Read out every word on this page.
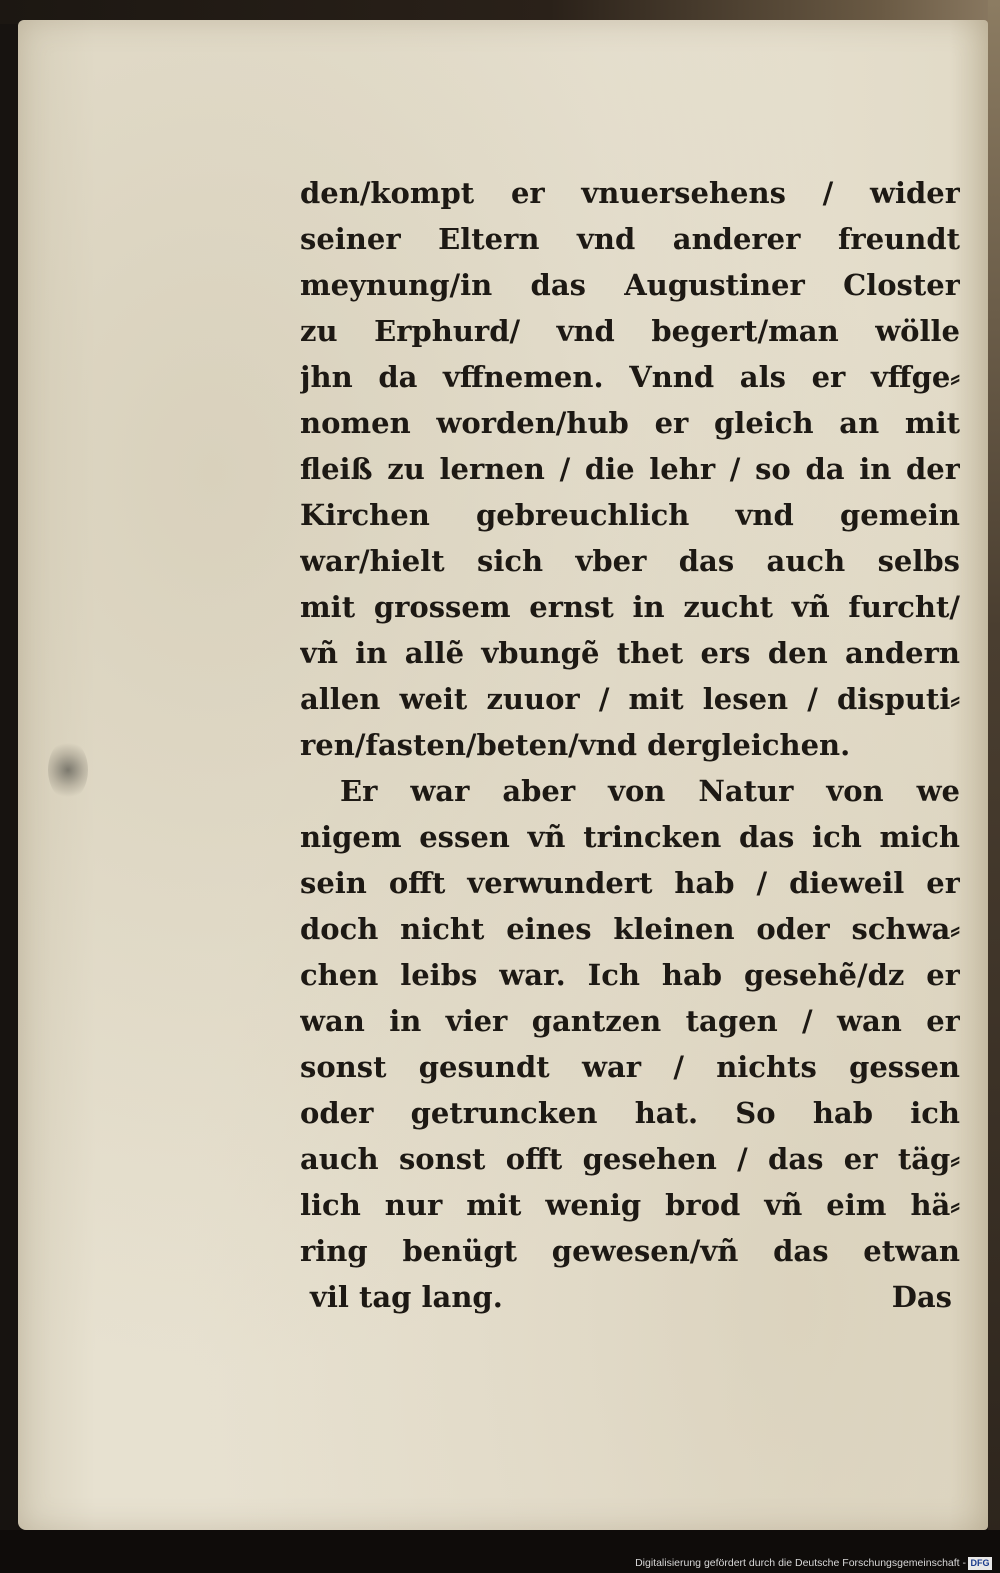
den/kompt er vnuersehens / wider
seiner Eltern vnd anderer freundt
meynung/in das Augustiner Closter
zu Erphurd/ vnd begert/man wölle
jhn da vffnemen. Vnnd als er vffge⸗
nomen worden/hub er gleich an mit
fleiß zu lernen / die lehr / so da in der
Kirchen gebreuchlich vnd gemein
war/hielt sich vber das auch selbs
mit grossem ernst in zucht vñ furcht/
vñ in allẽ vbungẽ thet ers den andern
allen weit zuuor / mit lesen / disputi⸗
ren/fasten/beten/vnd dergleichen.
Er war aber von Natur von we
nigem essen vñ trincken das ich mich
sein offt verwundert hab / dieweil er
doch nicht eines kleinen oder schwa⸗
chen leibs war. Ich hab gesehẽ/dz er
wan in vier gantzen tagen / wan er
sonst gesundt war / nichts gessen
oder getruncken hat. So hab ich
auch sonst offt gesehen / das er täg⸗
lich nur mit wenig brod vñ eim hä⸗
ring benügt gewesen/vñ das etwan
vil tag lang.	Das
Digitalisierung gefördert durch die Deutsche Forschungsgemeinschaft - DFG
